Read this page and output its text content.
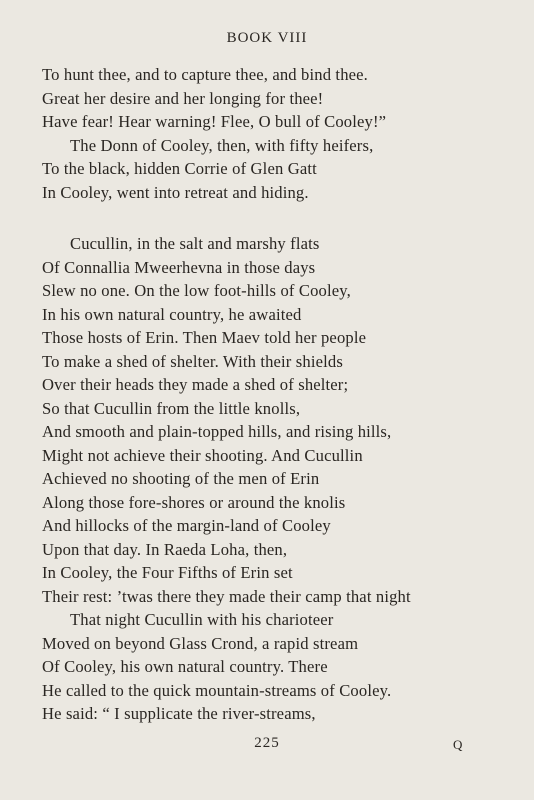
BOOK VIII
To hunt thee, and to capture thee, and bind thee.
Great her desire and her longing for thee!
Have fear! Hear warning! Flee, O bull of Cooley!”
The Donn of Cooley, then, with fifty heifers,
To the black, hidden Corrie of Glen Gatt
In Cooley, went into retreat and hiding.
Cucullin, in the salt and marshy flats
Of Connallia Mweerhevna in those days
Slew no one. On the low foot-hills of Cooley,
In his own natural country, he awaited
Those hosts of Erin. Then Maev told her people
To make a shed of shelter. With their shields
Over their heads they made a shed of shelter;
So that Cucullin from the little knolls,
And smooth and plain-topped hills, and rising hills,
Might not achieve their shooting. And Cucullin
Achieved no shooting of the men of Erin
Along those fore-shores or around the knolis
And hillocks of the margin-land of Cooley
Upon that day. In Raeda Loha, then,
In Cooley, the Four Fifths of Erin set
Their rest: ’twas there they made their camp that night
That night Cucullin with his charioteer
Moved on beyond Glass Crond, a rapid stream
Of Cooley, his own natural country. There
He called to the quick mountain-streams of Cooley.
He said: “ I supplicate the river-streams,
225	Q
